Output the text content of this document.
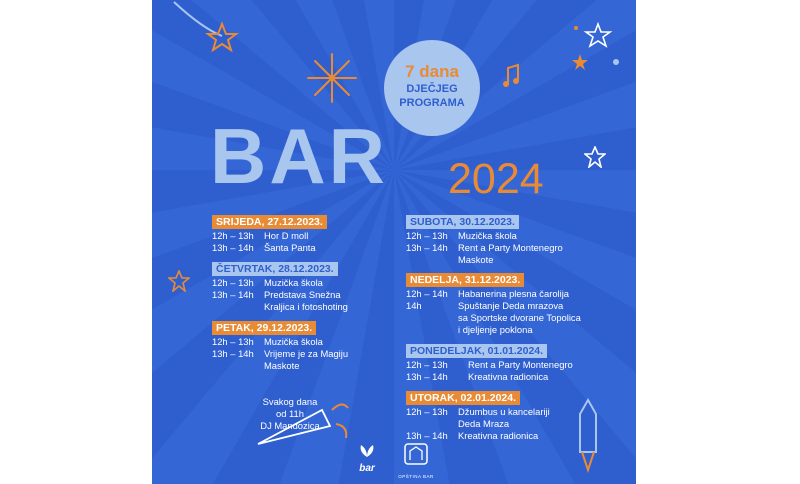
7 dana
DJEČJEG
PROGRAMA
BAR 2024
SRIJEDA, 27.12.2023.
12h – 13h Hor D moll
13h – 14h Šanta Panta
ČETVRTAK, 28.12.2023.
12h – 13h Muzička škola
13h – 14h Predstava Snežna
Kraljica i fotoshoting
PETAK, 29.12.2023.
12h – 13h Muzička škola
13h – 14h Vrijeme je za Magiju
Maskote
SUBOTA, 30.12.2023.
12h – 13h Muzička škola
13h – 14h Rent a Party Montenegro
Maskote
NEDELJA, 31.12.2023.
12h – 14h Habanerina plesna čarolija
14h	Spuštanje Deda mrazova
sa Sportske dvorane Topolica
i djeljenje poklona
PONEDELJAK, 01.01.2024.
12h – 13h Rent a Party Montenegro
13h – 14h Kreativna radionica
UTORAK, 02.01.2024.
12h – 13h Džumbus u kancelariji
Deda Mraza
13h – 14h Kreativna radionica
Svakog dana
od 11h
DJ Mandozica
bar
OPŠTINA BAR
